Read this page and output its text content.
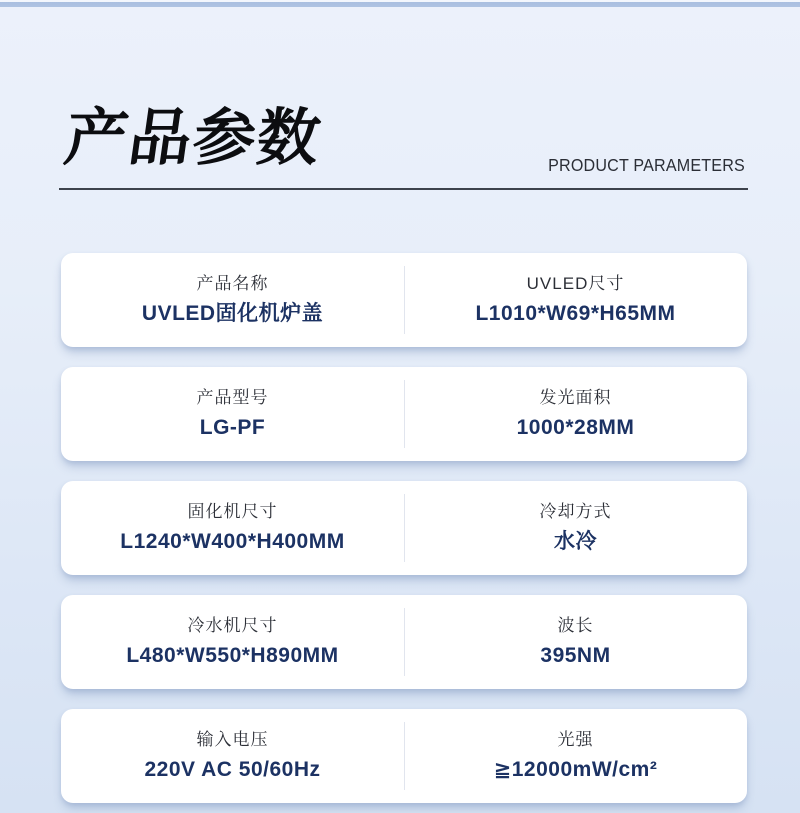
产品参数	PRODUCT PARAMETERS
产品名称
UVLED固化机炉盖
UVLED尺寸
L1010*W69*H65MM
产品型号
LG-PF
发光面积
1000*28MM
固化机尺寸
L1240*W400*H400MM
冷却方式
水冷
冷水机尺寸
L480*W550*H890MM
波长
395NM
输入电压
220V AC 50/60Hz
光强
≧12000mW/cm²
